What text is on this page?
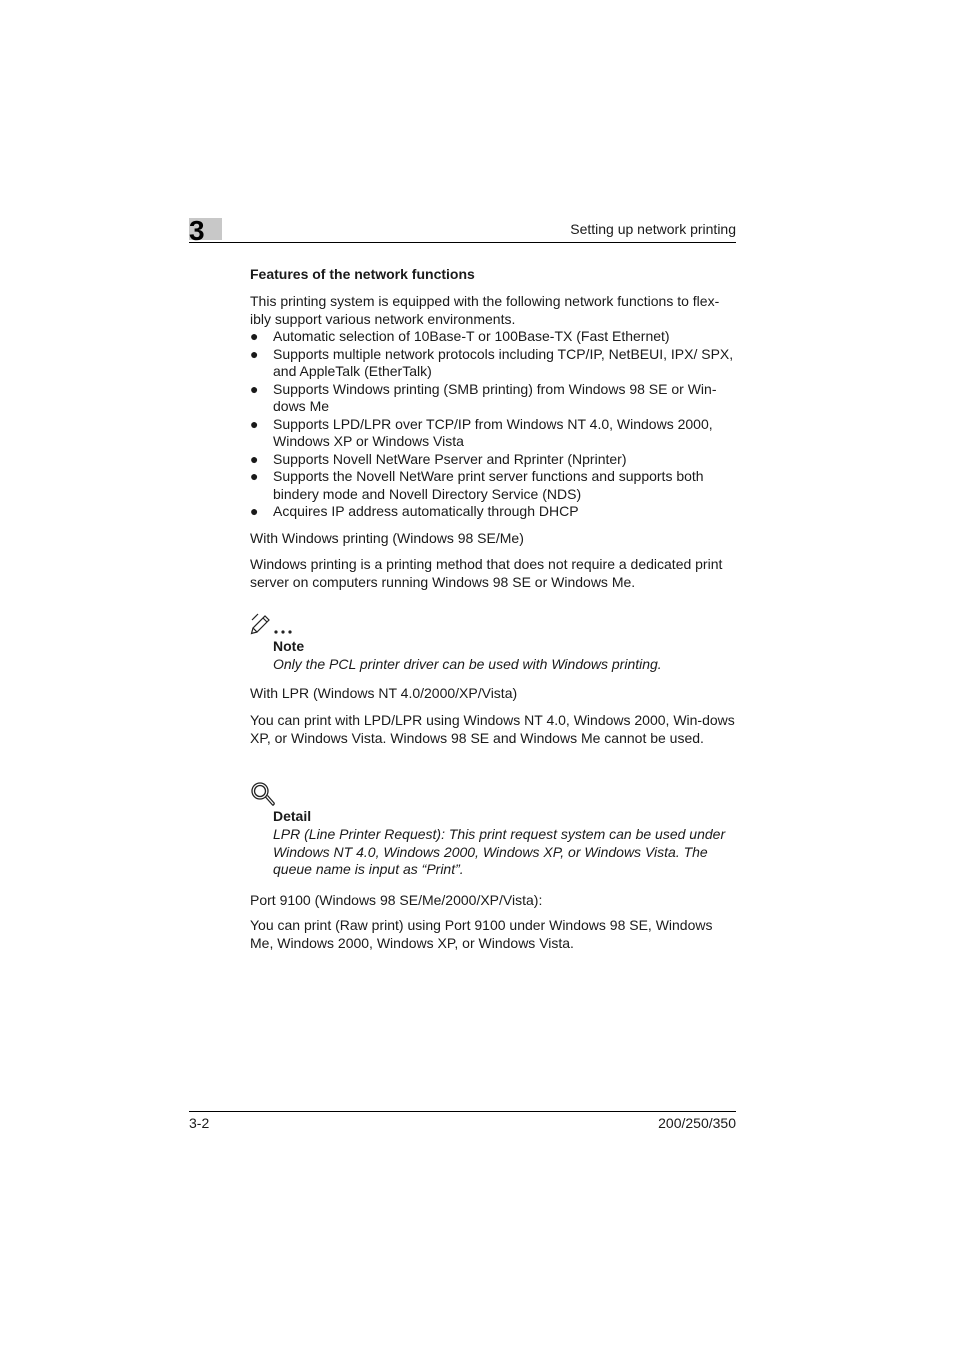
3	Setting up network printing
Features of the network functions
This printing system is equipped with the following network functions to flex-ibly support various network environments.
● Automatic selection of 10Base-T or 100Base-TX (Fast Ethernet)
● Supports multiple network protocols including TCP/IP, NetBEUI, IPX/ SPX, and AppleTalk (EtherTalk)
● Supports Windows printing (SMB printing) from Windows 98 SE or Win-dows Me
● Supports LPD/LPR over TCP/IP from Windows NT 4.0, Windows 2000, Windows XP or Windows Vista
● Supports Novell NetWare Pserver and Rprinter (Nprinter)
● Supports the Novell NetWare print server functions and supports both bindery mode and Novell Directory Service (NDS)
● Acquires IP address automatically through DHCP
With Windows printing (Windows 98 SE/Me)
Windows printing is a printing method that does not require a dedicated print server on computers running Windows 98 SE or Windows Me.
Note
Only the PCL printer driver can be used with Windows printing.
With LPR (Windows NT 4.0/2000/XP/Vista)
You can print with LPD/LPR using Windows NT 4.0, Windows 2000, Win-dows XP, or Windows Vista. Windows 98 SE and Windows Me cannot be used.
Detail
LPR (Line Printer Request): This print request system can be used under Windows NT 4.0, Windows 2000, Windows XP, or Windows Vista. The queue name is input as “Print”.
Port 9100 (Windows 98 SE/Me/2000/XP/Vista):
You can print (Raw print) using Port 9100 under Windows 98 SE, Windows Me, Windows 2000, Windows XP, or Windows Vista.
3-2	200/250/350
